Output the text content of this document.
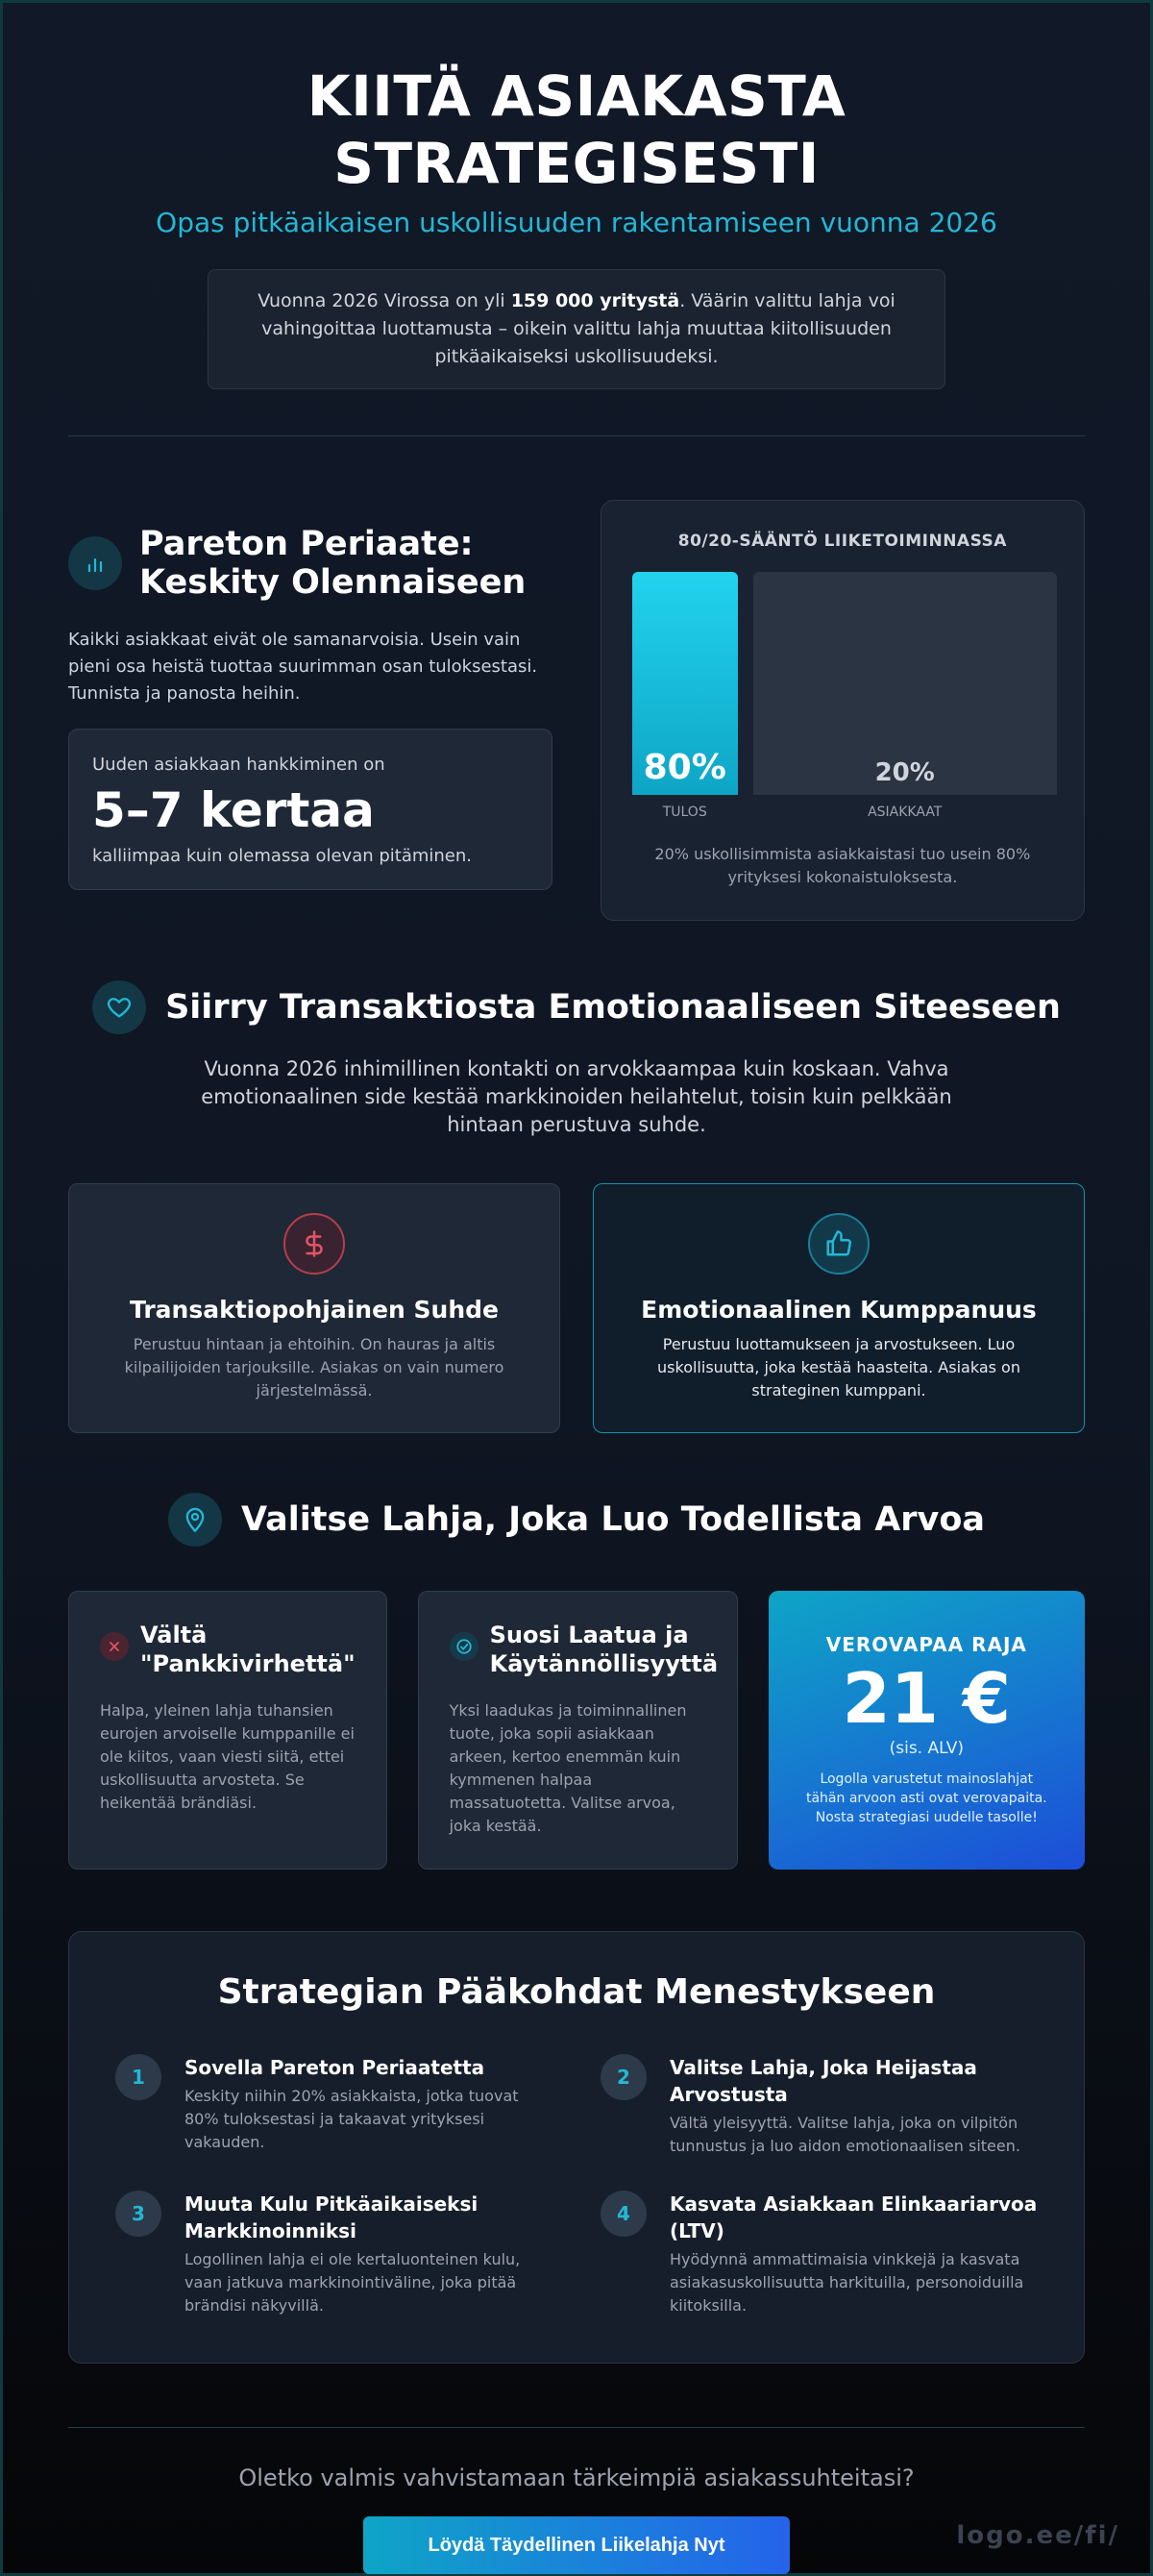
KIITÄ ASIAKASTA STRATEGISESTI
Opas pitkäaikaisen uskollisuuden rakentamiseen vuonna 2026
Vuonna 2026 Virossa on yli 159 000 yritystä. Väärin valittu lahja voi vahingoittaa luottamusta – oikein valittu lahja muuttaa kiitollisuuden pitkäaikaiseksi uskollisuudeksi.
Pareton Periaate: Keskity Olennaiseen

Kaikki asiakkaat eivät ole samanarvoisia. Usein vain pieni osa heistä tuottaa suurimman osan tuloksestasi. Tunnista ja panosta heihin.

Uuden asiakkaan hankkiminen on
5–7 kertaa
kalliimpaa kuin olemassa olevan pitäminen.
80/20-SÄÄNTÖ LIIKETOIMINNASSA
80%	20%
TULOS	ASIAKKAAT

20% uskollisimmista asiakkaistasi tuo usein 80% yrityksesi kokonaistuloksesta.

Siirry Transaktiosta Emotionaaliseen Siteeseen

Vuonna 2026 inhimillinen kontakti on arvokkaampaa kuin koskaan. Vahva emotionaalinen side kestää markkinoiden heilahtelut, toisin kuin pelkkään hintaan perustuva suhde.

Transaktiopohjainen Suhde

Perustuu hintaan ja ehtoihin. On hauras ja altis kilpailijoiden tarjouksille. Asiakas on vain numero järjestelmässä.

Emotionaalinen Kumppanuus

Perustuu luottamukseen ja arvostukseen. Luo uskollisuutta, joka kestää haasteita. Asiakas on strateginen kumppani.

Valitse Lahja, Joka Luo Todellista Arvoa
Vältä "Pankkivirhettä"

Halpa, yleinen lahja tuhansien eurojen arvoiselle kumppanille ei ole kiitos, vaan viesti siitä, ettei uskollisuutta arvosteta. Se heikentää brändiäsi.

Suosi Laatua ja Käytännöllisyyttä

Yksi laadukas ja toiminnallinen tuote, joka sopii asiakkaan arkeen, kertoo enemmän kuin kymmenen halpaa massatuotetta. Valitse arvoa, joka kestää.

VEROVAPAA RAJA
21 €
(sis. ALV)
Logolla varustetut mainoslahjat tähän arvoon asti ovat verovapaita. Nosta strategiasi uudelle tasolle!
Strategian Pääkohdat Menestykseen
1	Sovella Pareton Periaatetta

Keskity niihin 20% asiakkaista, jotka tuovat 80% tuloksestasi ja takaavat yrityksesi vakauden.

2	Valitse Lahja, Joka Heijastaa Arvostusta

Vältä yleisyyttä. Valitse lahja, joka on vilpitön tunnustus ja luo aidon emotionaalisen siteen.

3	Muuta Kulu Pitkäaikaiseksi Markkinoinniksi

Logollinen lahja ei ole kertaluonteinen kulu, vaan jatkuva markkinointiväline, joka pitää brändisi näkyvillä.

4	Kasvata Asiakkaan Elinkaariarvoa (LTV)

Hyödynnä ammattimaisia vinkkejä ja kasvata asiakasuskollisuutta harkituilla, personoiduilla kiitoksilla.

Oletko valmis vahvistamaan tärkeimpiä asiakassuhteitasi?
Löydä Täydellinen Liikelahja Nyt	logo.ee/fi/
